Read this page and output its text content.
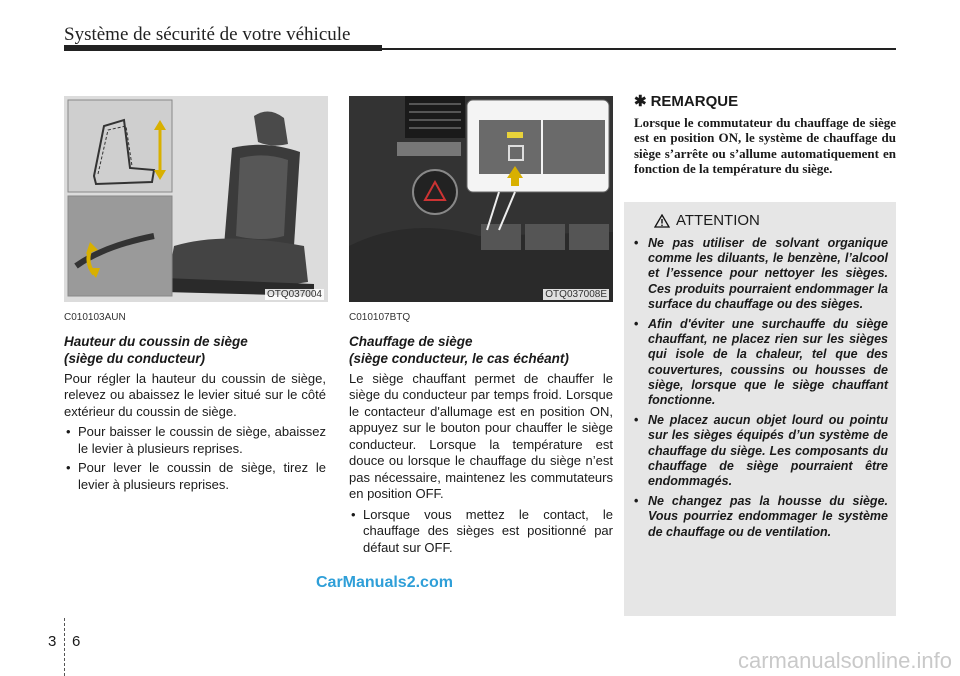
Système de sécurité de votre véhicule
OTQ037004	OTQ037008E
C010103AUN
Hauteur du coussin de siège
(siège du conducteur)

Pour régler la hauteur du coussin de siège, relevez ou abaissez le levier situé sur le côté extérieur du coussin de siège.

• Pour baisser le coussin de siège, abaissez le levier à plusieurs reprises.
• Pour lever le coussin de siège, tirez le levier à plusieurs reprises.
C010107BTQ
Chauffage de siège
(siège conducteur, le cas échéant)

Le siège chauffant permet de chauffer le siège du conducteur par temps froid. Lorsque le contacteur d'allumage est en position ON, appuyez sur le bouton pour chauffer le siège conducteur. Lorsque la température est douce ou lorsque le chauffage du siège n’est pas nécessaire, maintenez les commutateurs en position OFF.

• Lorsque vous mettez le contact, le chauffage des sièges est positionné par défaut sur OFF.
✱ REMARQUE

Lorsque le commutateur du chauffage de siège est en position ON, le système de chauffage du siège s’arrête ou s’allume automatiquement en fonction de la température du siège.

ATTENTION
• Ne pas utiliser de solvant organique comme les diluants, le benzène, l’alcool et l’essence pour nettoyer les sièges. Ces produits pourraient endommager la surface du chauffage ou des sièges.
• Afin d'éviter une surchauffe du siège chauffant, ne placez rien sur les sièges qui isole de la chaleur, tel que des couvertures, coussins ou housses de siège, lorsque que le siège chauffant fonctionne.
• Ne placez aucun objet lourd ou pointu sur les sièges équipés d’un système de chauffage du siège. Les composants du chauffage de siège pourraient être endommagés.
• Ne changez pas la housse du siège. Vous pourriez endommager le système de chauffage ou de ventilation.
CarManuals2.com
3 6
carmanualsonline.info
